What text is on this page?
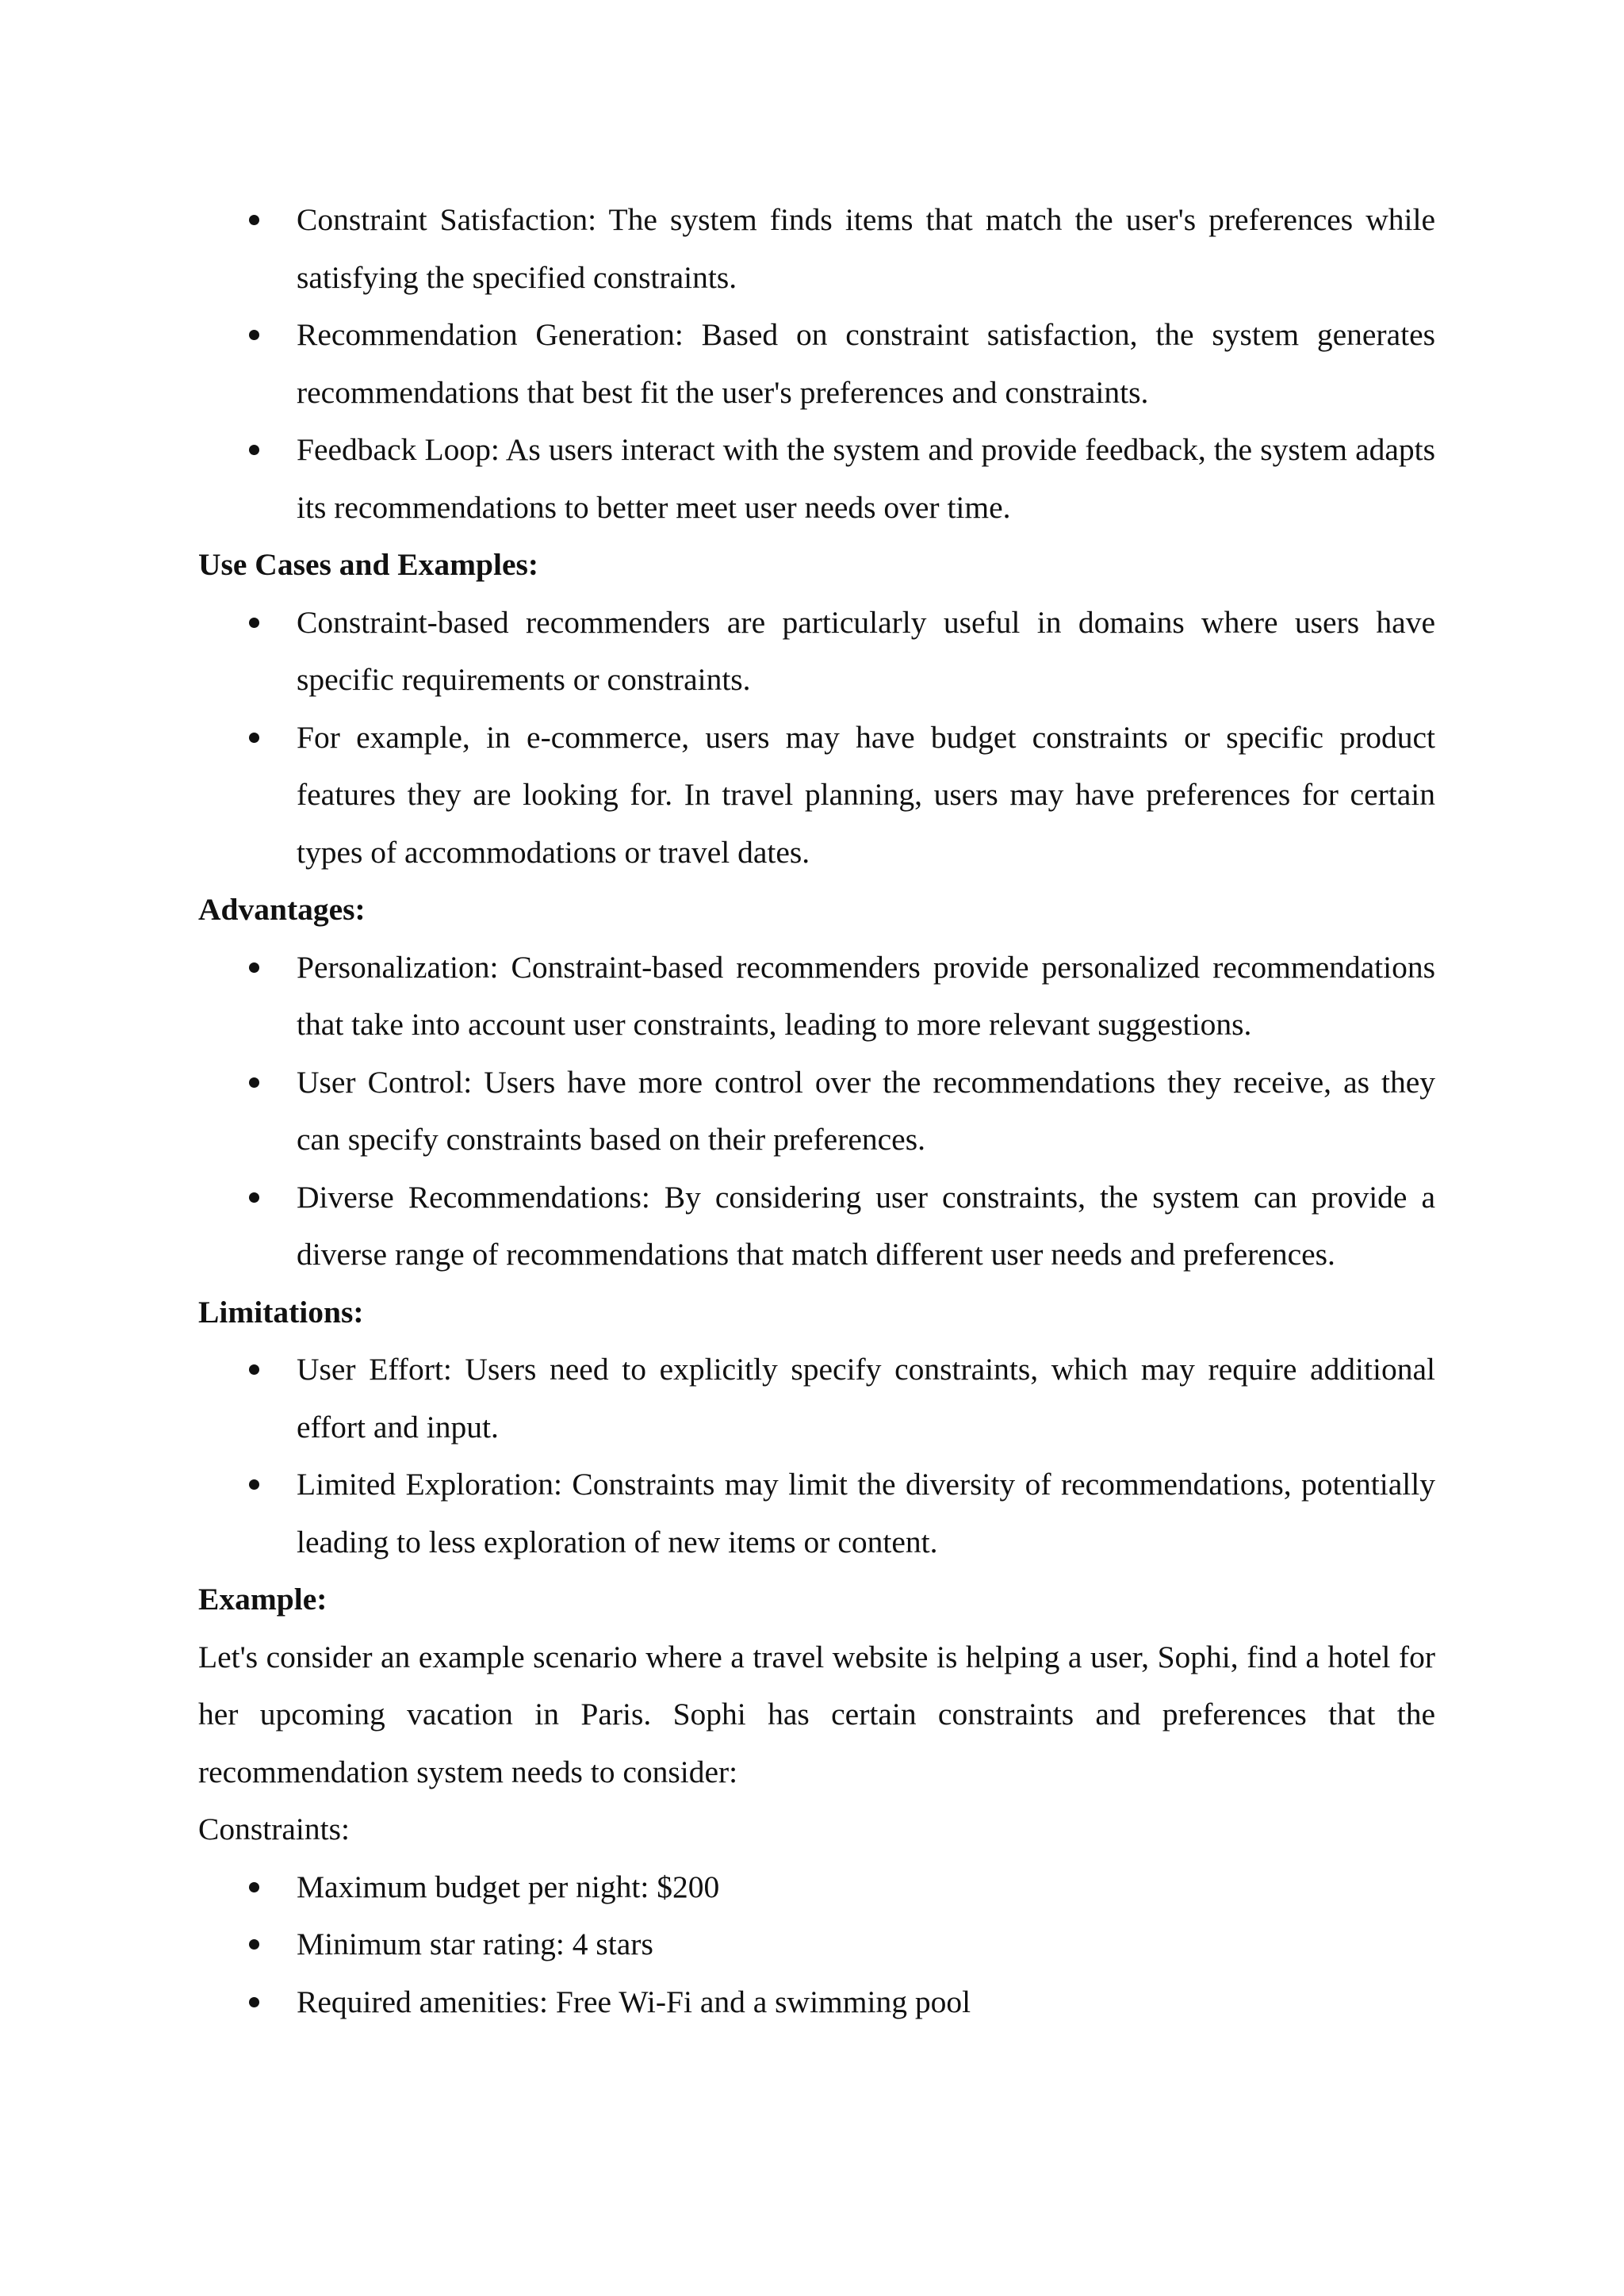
Constraint Satisfaction: The system finds items that match the user's preferences while satisfying the specified constraints.
Recommendation Generation: Based on constraint satisfaction, the system generates recommendations that best fit the user's preferences and constraints.
Feedback Loop: As users interact with the system and provide feedback, the system adapts its recommendations to better meet user needs over time.

Use Cases and Examples:

Constraint-based recommenders are particularly useful in domains where users have specific requirements or constraints.
For example, in e-commerce, users may have budget constraints or specific product features they are looking for. In travel planning, users may have preferences for certain types of accommodations or travel dates.

Advantages:

Personalization: Constraint-based recommenders provide personalized recommendations that take into account user constraints, leading to more relevant suggestions.
User Control: Users have more control over the recommendations they receive, as they can specify constraints based on their preferences.
Diverse Recommendations: By considering user constraints, the system can provide a diverse range of recommendations that match different user needs and preferences.

Limitations:

User Effort: Users need to explicitly specify constraints, which may require additional effort and input.
Limited Exploration: Constraints may limit the diversity of recommendations, potentially leading to less exploration of new items or content.

Example:

Let's consider an example scenario where a travel website is helping a user, Sophi, find a hotel for her upcoming vacation in Paris. Sophi has certain constraints and preferences that the recommendation system needs to consider:

Constraints:

Maximum budget per night: $200
Minimum star rating: 4 stars
Required amenities: Free Wi-Fi and a swimming pool
